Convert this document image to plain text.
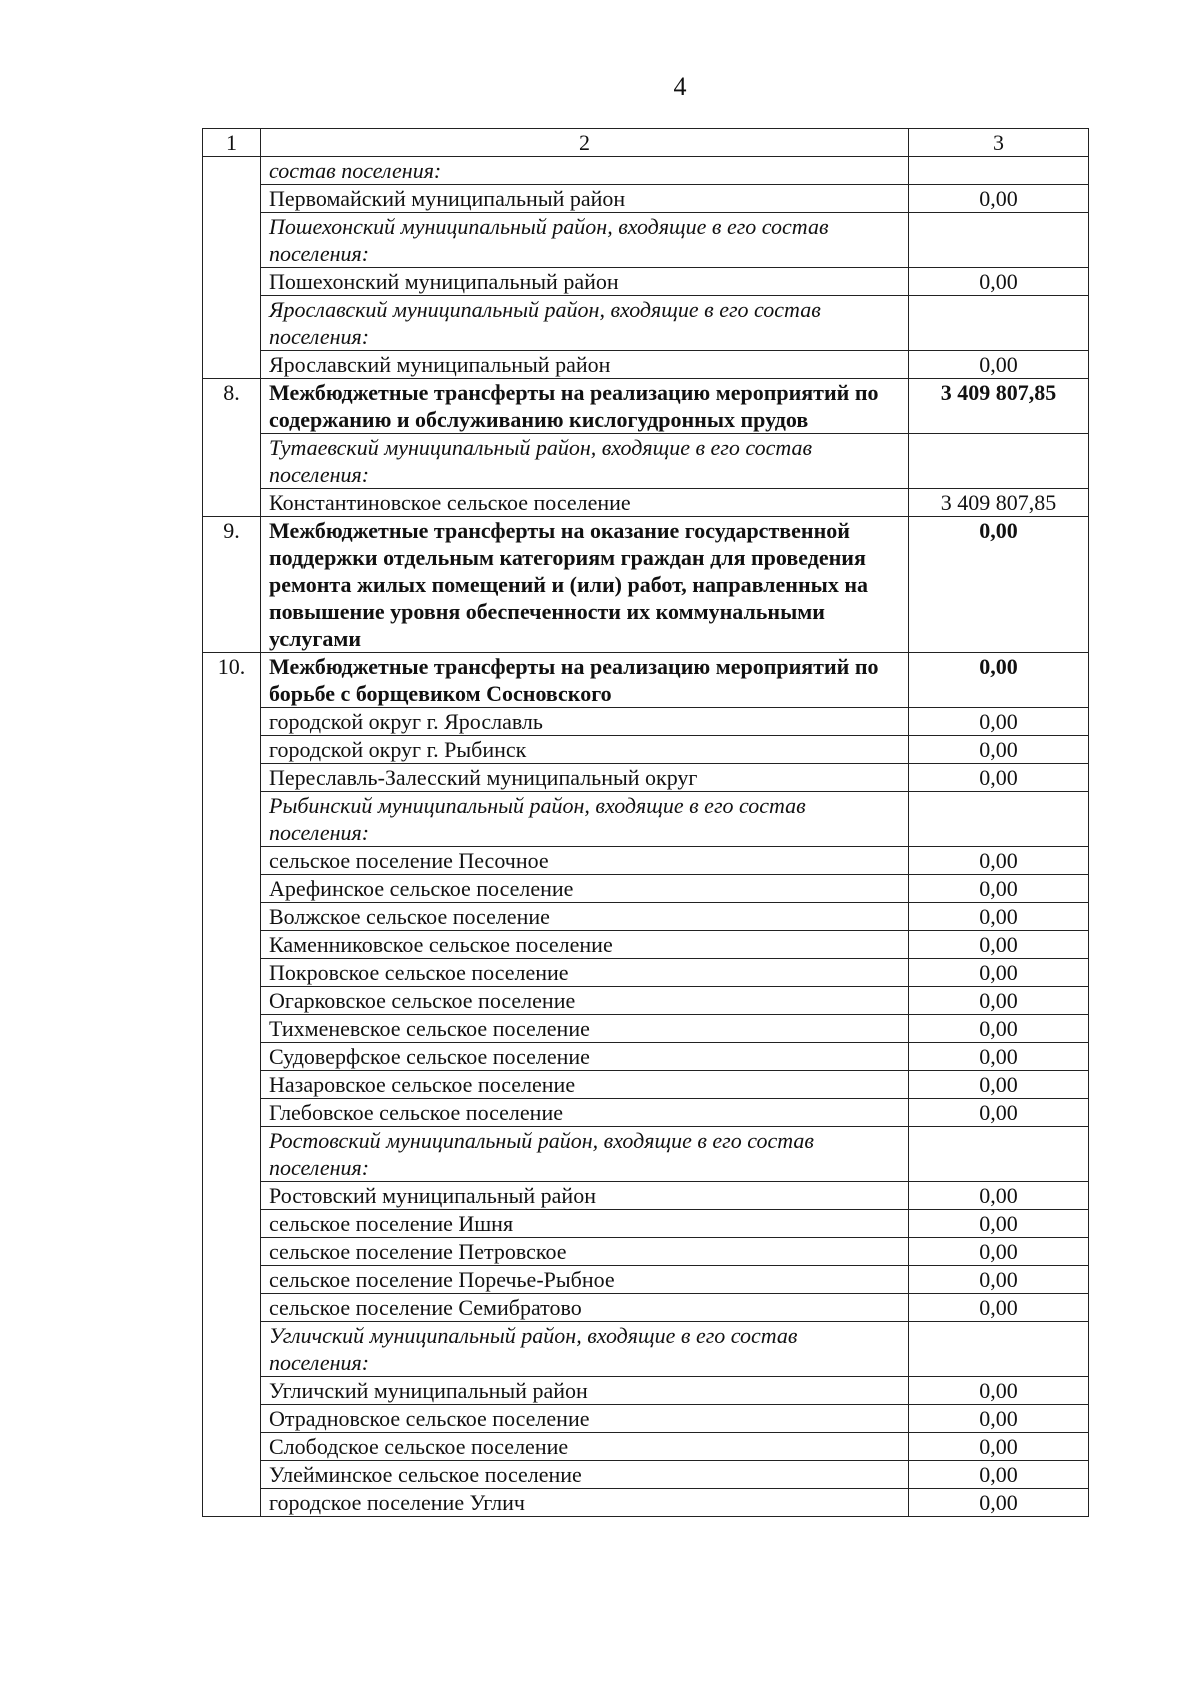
4
1	2	3
	состав поселения:	
	Первомайский муниципальный район	0,00
	Пошехонский муниципальный район, входящие в его состав поселения:	
	Пошехонский муниципальный район	0,00
	Ярославский муниципальный район, входящие в его состав поселения:	
	Ярославский муниципальный район	0,00
8.	Межбюджетные трансферты на реализацию мероприятий по содержанию и обслуживанию кислогудронных прудов	3 409 807,85
	Тутаевский муниципальный район, входящие в его состав поселения:	
	Константиновское сельское поселение	3 409 807,85
9.	Межбюджетные трансферты на оказание государственной поддержки отдельным категориям граждан для проведения ремонта жилых помещений и (или) работ, направленных на повышение уровня обеспеченности их коммунальными услугами	0,00
10.	Межбюджетные трансферты на реализацию мероприятий по борьбе с борщевиком Сосновского	0,00
	городской округ г. Ярославль	0,00
	городской округ г. Рыбинск	0,00
	Переславль-Залесский муниципальный округ	0,00
	Рыбинский муниципальный район, входящие в его состав поселения:	
	сельское поселение Песочное	0,00
	Арефинское сельское поселение	0,00
	Волжское сельское поселение	0,00
	Каменниковское сельское поселение	0,00
	Покровское сельское поселение	0,00
	Огарковское сельское поселение	0,00
	Тихменевское сельское поселение	0,00
	Судоверфское сельское поселение	0,00
	Назаровское сельское поселение	0,00
	Глебовское сельское поселение	0,00
	Ростовский муниципальный район, входящие в его состав поселения:	
	Ростовский муниципальный район	0,00
	сельское поселение Ишня	0,00
	сельское поселение Петровское	0,00
	сельское поселение Поречье-Рыбное	0,00
	сельское поселение Семибратово	0,00
	Угличский муниципальный район, входящие в его состав поселения:	
	Угличский муниципальный район	0,00
	Отрадновское сельское поселение	0,00
	Слободское сельское поселение	0,00
	Улейминское сельское поселение	0,00
	городское поселение Углич	0,00
